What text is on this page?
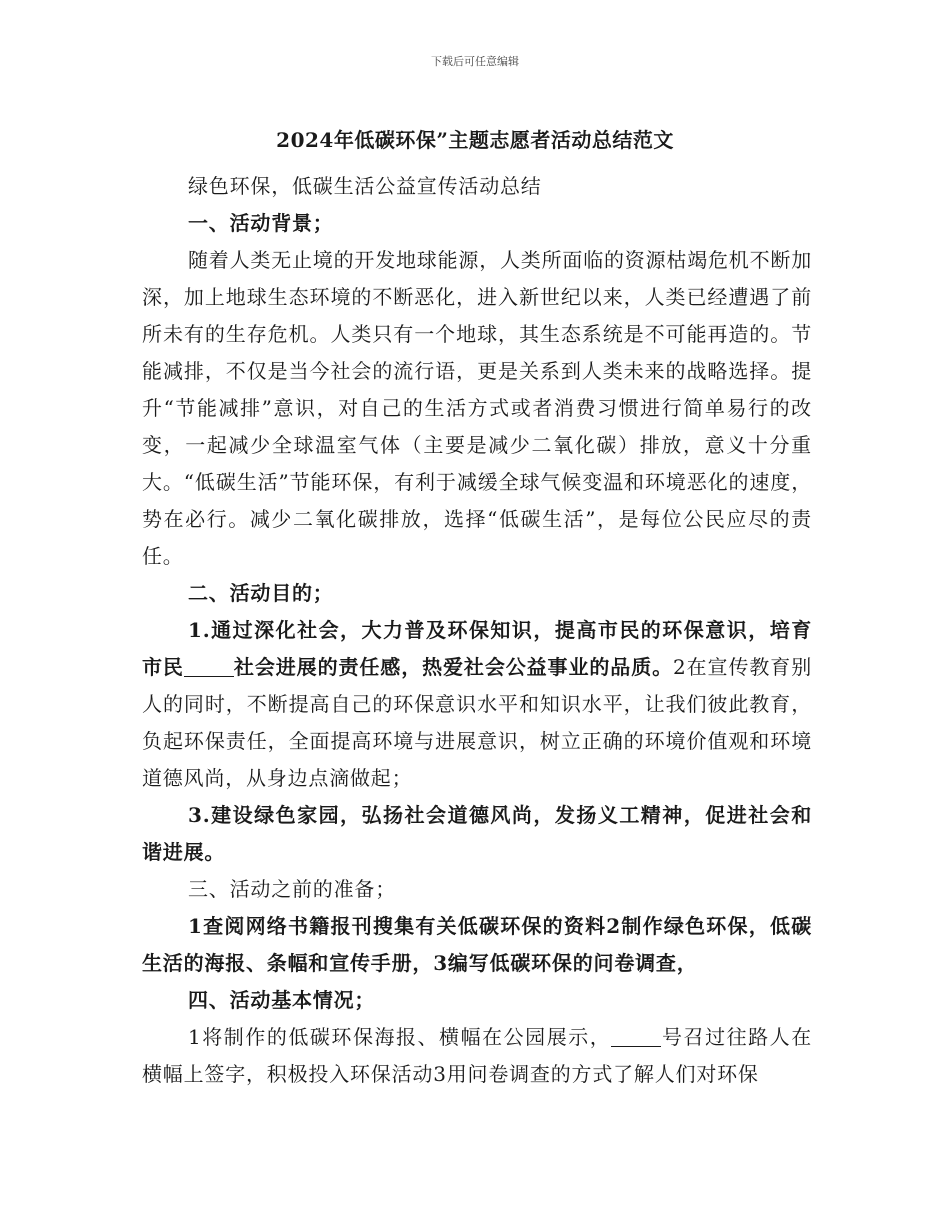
下载后可任意编辑
2024年低碳环保”主题志愿者活动总结范文

绿色环保，低碳生活公益宣传活动总结

一、活动背景；

随着人类无止境的开发地球能源，人类所面临的资源枯竭危机不断加深，加上地球生态环境的不断恶化，进入新世纪以来，人类已经遭遇了前所未有的生存危机。人类只有一个地球，其生态系统是不可能再造的。节能减排，不仅是当今社会的流行语，更是关系到人类未来的战略选择。提升“节能减排”意识，对自己的生活方式或者消费习惯进行简单易行的改变，一起减少全球温室气体（主要是减少二氧化碳）排放，意义十分重大。“低碳生活”节能环保，有利于减缓全球气候变温和环境恶化的速度，势在必行。减少二氧化碳排放，选择“低碳生活”，是每位公民应尽的责任。

二、活动目的；

1.通过深化社会，大力普及环保知识，提高市民的环保意识，培育市民	社会进展的责任感，热爱社会公益事业的品质。2在宣传教育别人的同时，不断提高自己的环保意识水平和知识水平，让我们彼此教育，负起环保责任，全面提高环境与进展意识，树立正确的环境价值观和环境道德风尚，从身边点滴做起；

3.建设绿色家园，弘扬社会道德风尚，发扬义工精神，促进社会和谐进展。

三、活动之前的准备；

1查阅网络书籍报刊搜集有关低碳环保的资料2制作绿色环保，低碳生活的海报、条幅和宣传手册，3编写低碳环保的问卷调查，

四、活动基本情况；

1将制作的低碳环保海报、横幅在公园展示，	号召过往路人在横幅上签字，积极投入环保活动3用问卷调查的方式了解人们对环保
